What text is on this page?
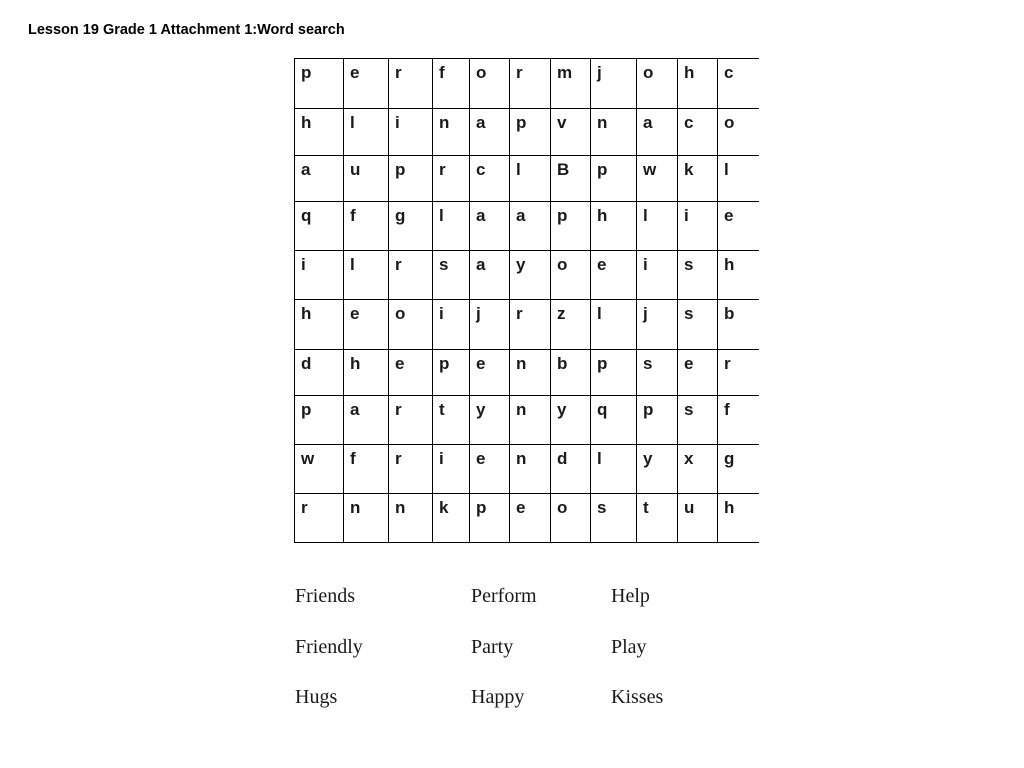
Lesson 19 Grade 1 Attachment 1:Word search
p	e	r	f	o	r	m	j	o	h	c

h	l	i	n	a	p	v	n	a	c	o

a	u	p	r	c	l	B	p	w	k	l

q	f	g	l	a	a	p	h	l	i	e

i	l	r	s	a	y	o	e	i	s	h

h	e	o	i	j	r	z	l	j	s	b

d	h	e	p	e	n	b	p	s	e	r

p	a	r	t	y	n	y	q	p	s	f

w	f	r	i	e	n	d	l	y	x	g

r	n	n	k	p	e	o	s	t	u	h
Friends	Perform	Help
Friendly	Party	Play
Hugs	Happy	Kisses
